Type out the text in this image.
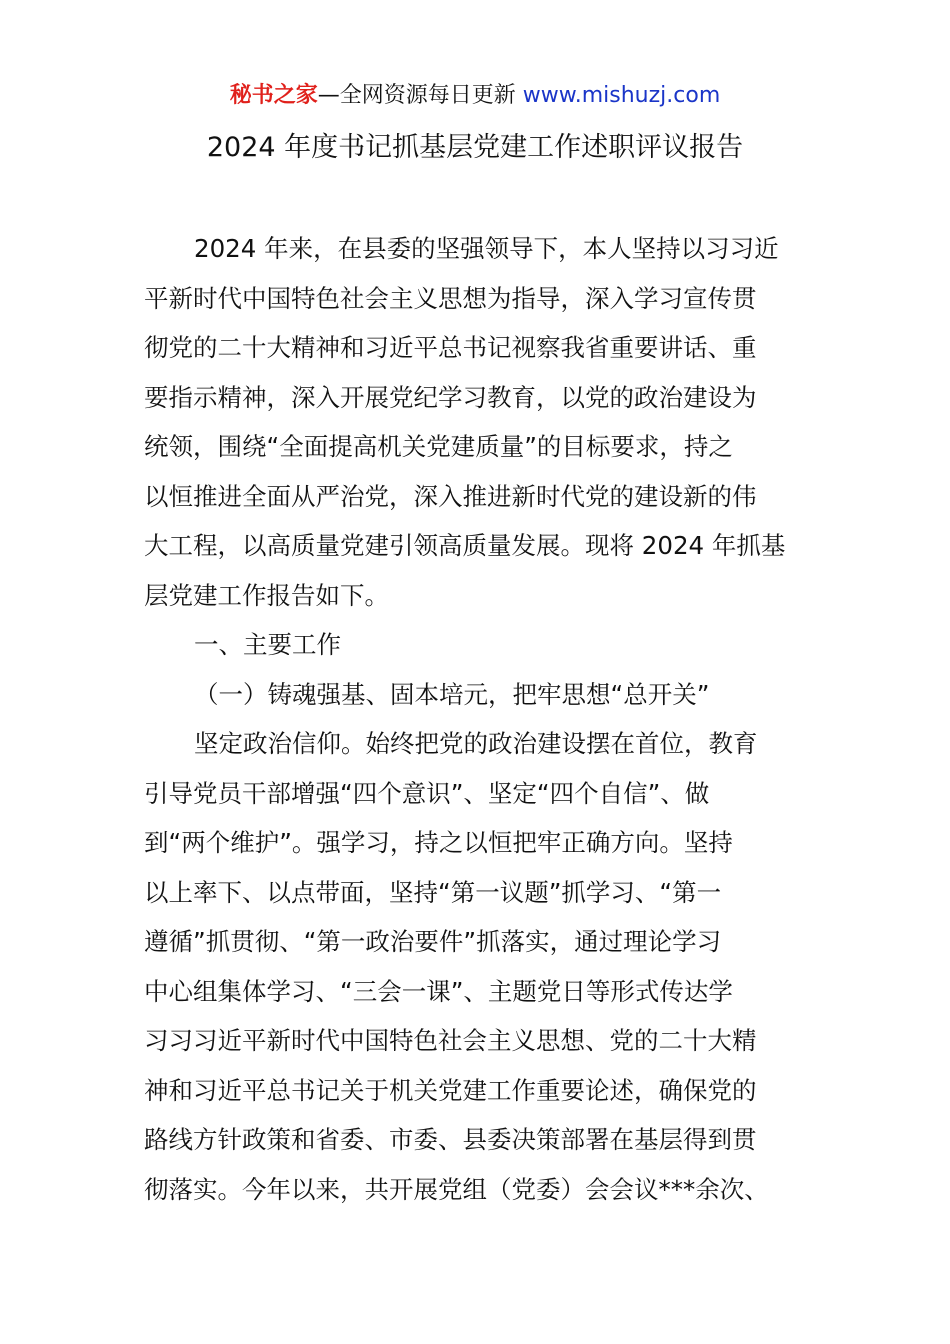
秘书之家—全网资源每日更新 www.mishuzj.com
2024 年度书记抓基层党建工作述职评议报告
2024 年来，在县委的坚强领导下，本人坚持以习习近
平新时代中国特色社会主义思想为指导，深入学习宣传贯
彻党的二十大精神和习近平总书记视察我省重要讲话、重
要指示精神，深入开展党纪学习教育，以党的政治建设为
统领，围绕“全面提高机关党建质量”的目标要求，持之
以恒推进全面从严治党，深入推进新时代党的建设新的伟
大工程，以高质量党建引领高质量发展。现将 2024 年抓基
层党建工作报告如下。
一、主要工作
（一）铸魂强基、固本培元，把牢思想“总开关”
坚定政治信仰。始终把党的政治建设摆在首位，教育
引导党员干部增强“四个意识”、坚定“四个自信”、做
到“两个维护”。强学习，持之以恒把牢正确方向。坚持
以上率下、以点带面，坚持“第一议题”抓学习、“第一
遵循”抓贯彻、“第一政治要件”抓落实，通过理论学习
中心组集体学习、“三会一课”、主题党日等形式传达学
习习习近平新时代中国特色社会主义思想、党的二十大精
神和习近平总书记关于机关党建工作重要论述，确保党的
路线方针政策和省委、市委、县委决策部署在基层得到贯
彻落实。今年以来，共开展党组（党委）会会议***余次、
